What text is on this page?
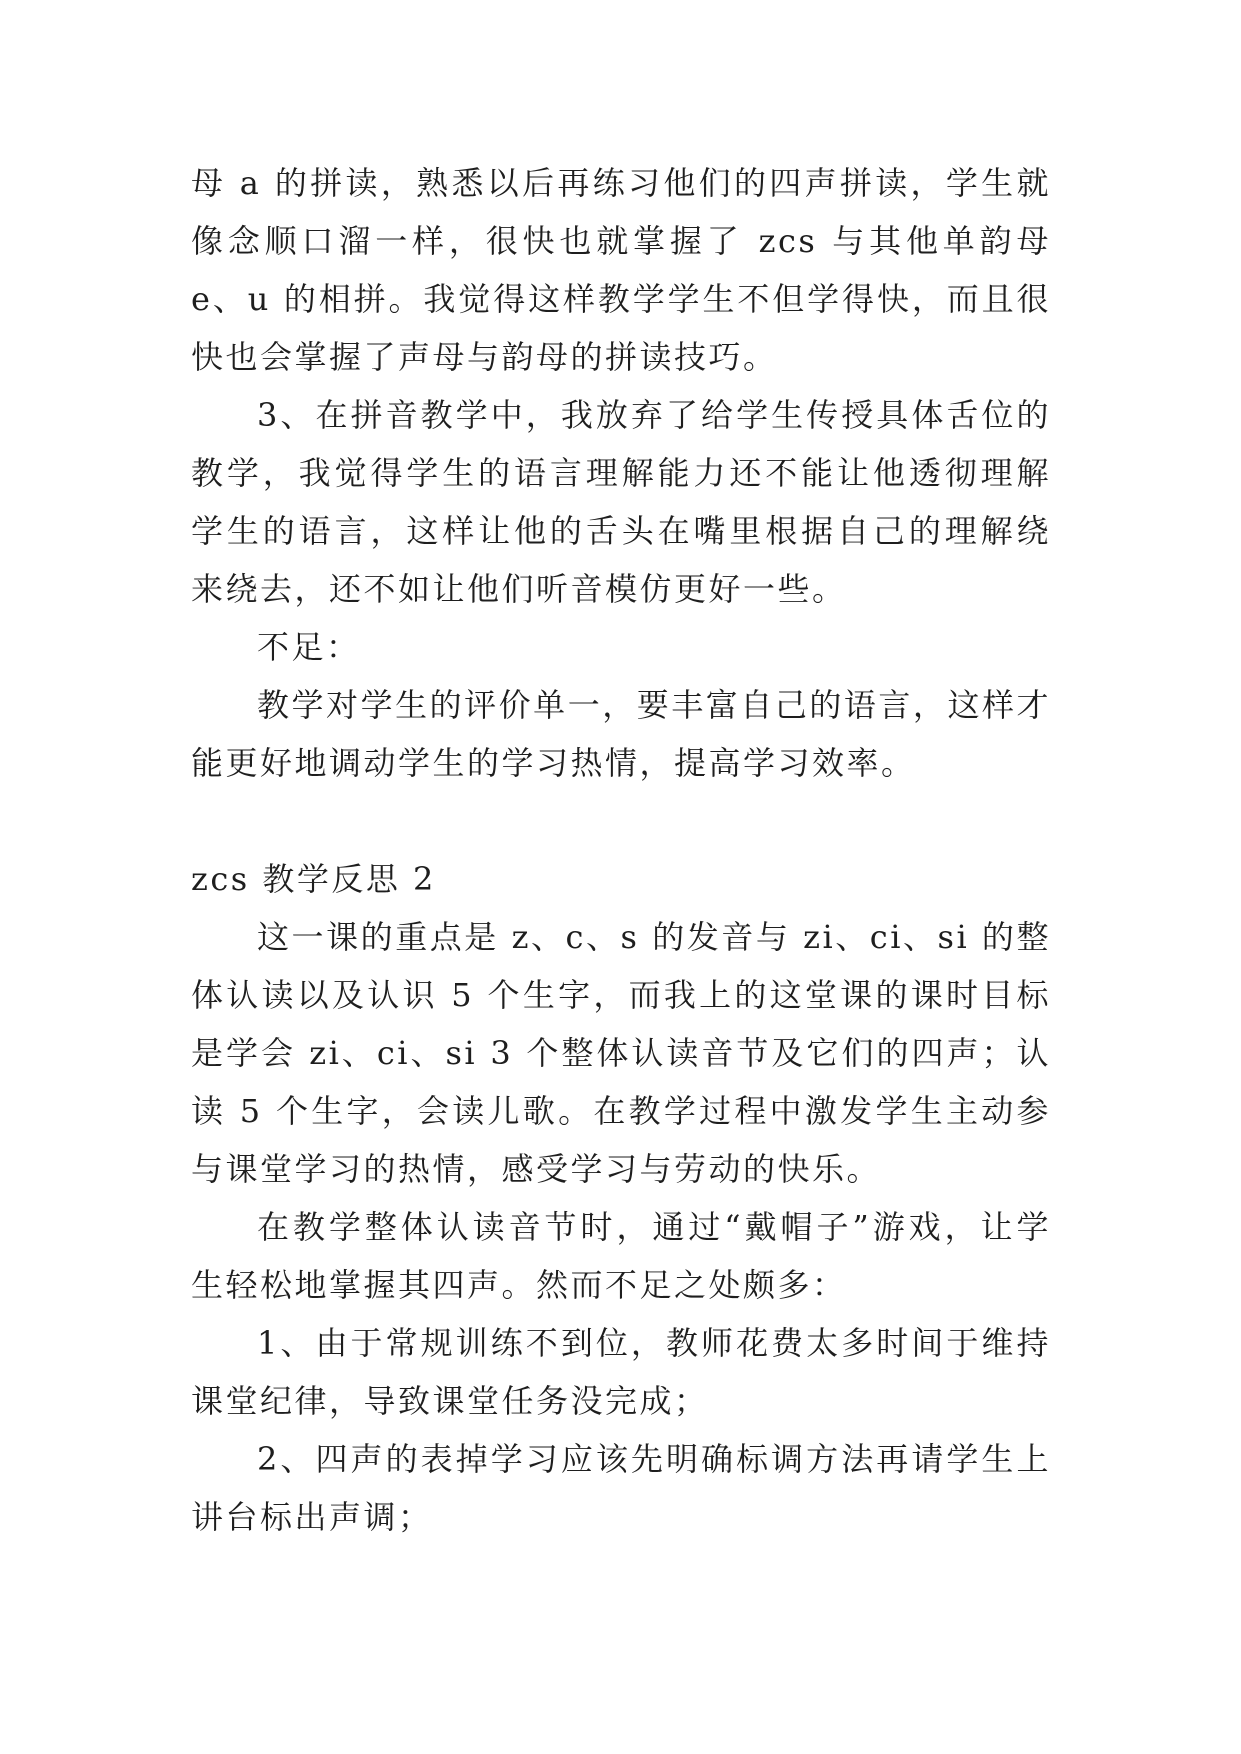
母 a 的拼读，熟悉以后再练习他们的四声拼读，学生就像念顺口溜一样，很快也就掌握了 zcs 与其他单韵母 e、u 的相拼。我觉得这样教学学生不但学得快，而且很快也会掌握了声母与韵母的拼读技巧。

3、在拼音教学中，我放弃了给学生传授具体舌位的教学，我觉得学生的语言理解能力还不能让他透彻理解学生的语言，这样让他的舌头在嘴里根据自己的理解绕来绕去，还不如让他们听音模仿更好一些。

不足：

教学对学生的评价单一，要丰富自己的语言，这样才能更好地调动学生的学习热情，提高学习效率。

zcs 教学反思 2

这一课的重点是 z、c、s 的发音与 zi、ci、si 的整体认读以及认识 5 个生字，而我上的这堂课的课时目标是学会 zi、ci、si 3 个整体认读音节及它们的四声；认读 5 个生字，会读儿歌。在教学过程中激发学生主动参与课堂学习的热情，感受学习与劳动的快乐。

在教学整体认读音节时，通过“戴帽子”游戏，让学生轻松地掌握其四声。然而不足之处颇多：

1、由于常规训练不到位，教师花费太多时间于维持课堂纪律，导致课堂任务没完成；

2、四声的表掉学习应该先明确标调方法再请学生上讲台标出声调；
